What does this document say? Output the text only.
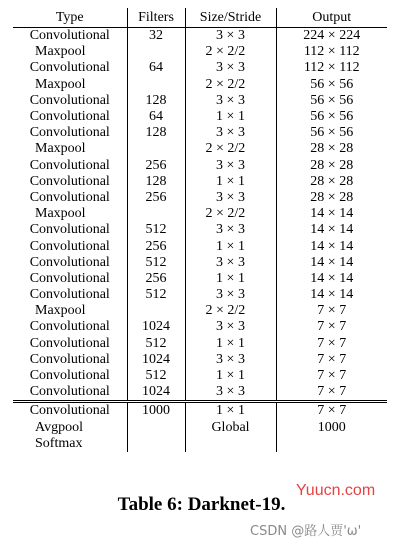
Type	Filters	Size/Stride	Output
Convolutional	32	3 × 3	224 × 224
Maxpool		2 × 2/2	112 × 112
Convolutional	64	3 × 3	112 × 112
Maxpool		2 × 2/2	56 × 56
Convolutional	128	3 × 3	56 × 56
Convolutional	64	1 × 1	56 × 56
Convolutional	128	3 × 3	56 × 56
Maxpool		2 × 2/2	28 × 28
Convolutional	256	3 × 3	28 × 28
Convolutional	128	1 × 1	28 × 28
Convolutional	256	3 × 3	28 × 28
Maxpool		2 × 2/2	14 × 14
Convolutional	512	3 × 3	14 × 14
Convolutional	256	1 × 1	14 × 14
Convolutional	512	3 × 3	14 × 14
Convolutional	256	1 × 1	14 × 14
Convolutional	512	3 × 3	14 × 14
Maxpool		2 × 2/2	7 × 7
Convolutional	1024	3 × 3	7 × 7
Convolutional	512	1 × 1	7 × 7
Convolutional	1024	3 × 3	7 × 7
Convolutional	512	1 × 1	7 × 7
Convolutional	1024	3 × 3	7 × 7
Convolutional	1000	1 × 1	7 × 7
Avgpool		Global	1000
Softmax			
Table 6: Darknet-19.
Yuucn.com
CSDN @路人贾'ω'
